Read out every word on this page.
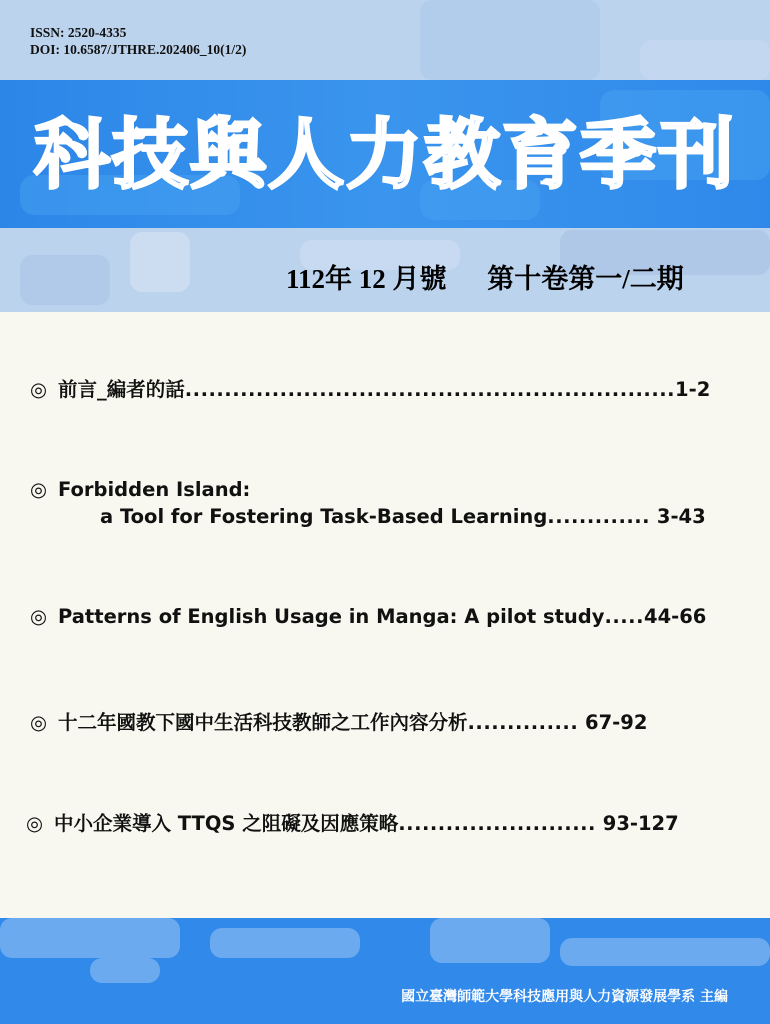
ISSN: 2520-4335
DOI: 10.6587/JTHRE.202406_10(1/2)
科技與人力教育季刊
112年 12 月號 第十卷第一/二期
◎ 前言_編者的話..............................................................1-2
◎ Forbidden Island:
a Tool for Fostering Task-Based Learning............. 3-43
◎ Patterns of English Usage in Manga: A pilot study.....44-66
◎ 十二年國教下國中生活科技教師之工作內容分析.............. 67-92
◎ 中小企業導入 TTQS 之阻礙及因應策略......................... 93-127
國立臺灣師範大學科技應用與人力資源發展學系 主編
